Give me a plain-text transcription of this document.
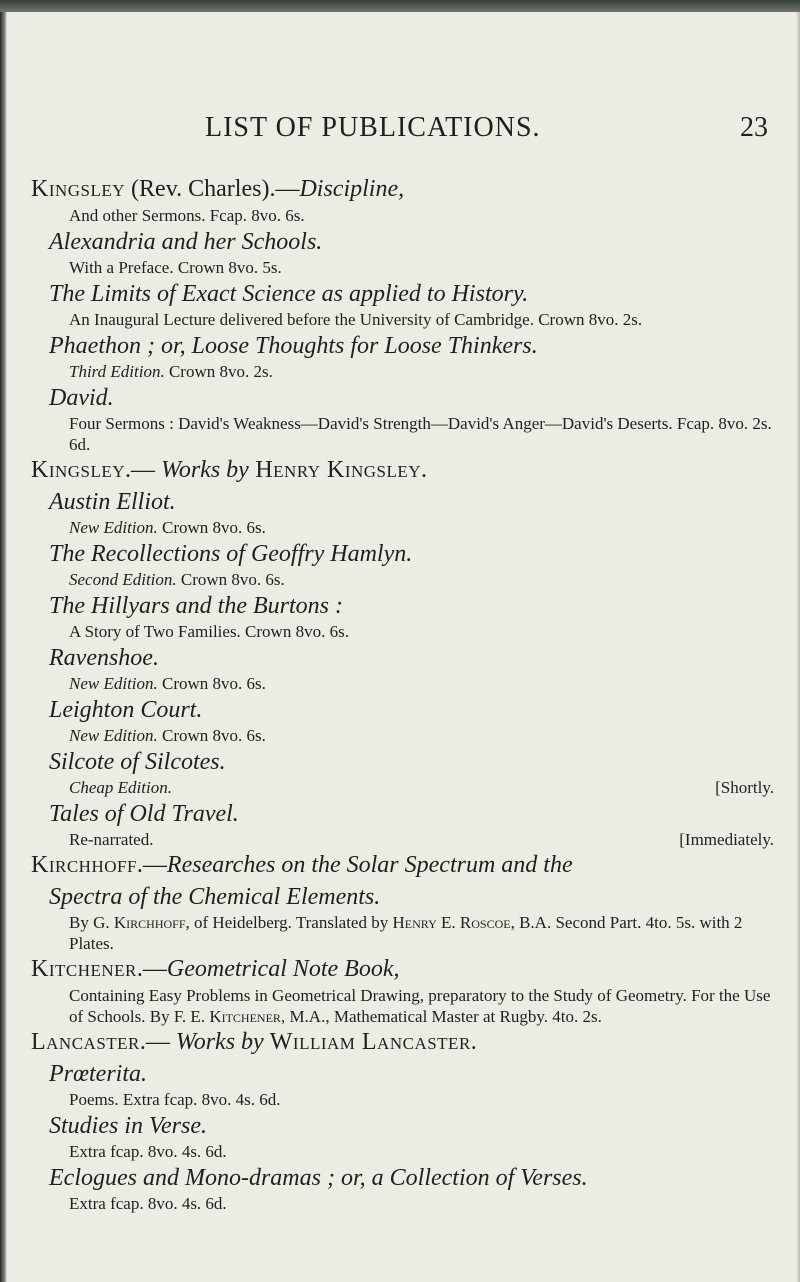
LIST OF PUBLICATIONS.	23
Kingsley (Rev. Charles).—Discipline,
And other Sermons. Fcap. 8vo. 6s.
Alexandria and her Schools.
With a Preface. Crown 8vo. 5s.
The Limits of Exact Science as applied to History.
An Inaugural Lecture delivered before the University of Cambridge. Crown 8vo. 2s.
Phaethon ; or, Loose Thoughts for Loose Thinkers.
Third Edition. Crown 8vo. 2s.
David.
Four Sermons : David's Weakness—David's Strength—David's Anger—David's Deserts. Fcap. 8vo. 2s. 6d.
Kingsley.— Works by Henry Kingsley.
Austin Elliot.
New Edition. Crown 8vo. 6s.
The Recollections of Geoffry Hamlyn.
Second Edition. Crown 8vo. 6s.
The Hillyars and the Burtons :
A Story of Two Families. Crown 8vo. 6s.
Ravenshoe.
New Edition. Crown 8vo. 6s.
Leighton Court.
New Edition. Crown 8vo. 6s.
Silcote of Silcotes.
Cheap Edition.	[Shortly.
Tales of Old Travel.
Re-narrated.	[Immediately.
Kirchhoff.—Researches on the Solar Spectrum and the
Spectra of the Chemical Elements.
By G. Kirchhoff, of Heidelberg. Translated by Henry E. Roscoe, B.A. Second Part. 4to. 5s. with 2 Plates.
Kitchener.—Geometrical Note Book,
Containing Easy Problems in Geometrical Drawing, preparatory to the Study of Geometry. For the Use of Schools. By F. E. Kitchener, M.A., Mathematical Master at Rugby. 4to. 2s.
Lancaster.— Works by William Lancaster.
Prœterita.
Poems. Extra fcap. 8vo. 4s. 6d.
Studies in Verse.
Extra fcap. 8vo. 4s. 6d.
Eclogues and Mono-dramas ; or, a Collection of Verses.
Extra fcap. 8vo. 4s. 6d.
